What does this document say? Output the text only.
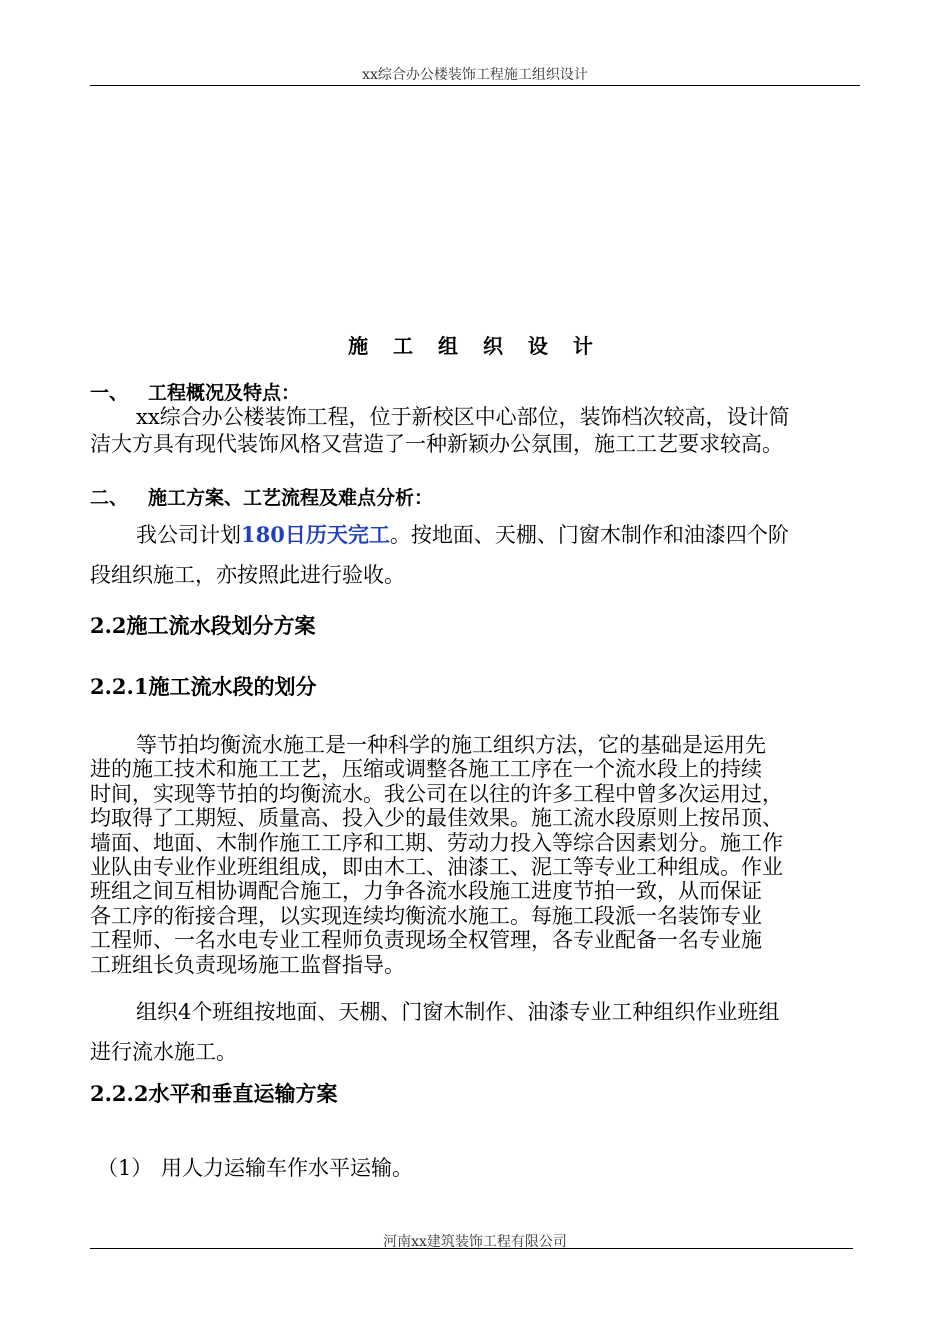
xx综合办公楼装饰工程施工组织设计
施 工 组 织 设 计
一、 工程概况及特点：
xx综合办公楼装饰工程，位于新校区中心部位，装饰档次较高，设计简
洁大方具有现代装饰风格又营造了一种新颖办公氛围，施工工艺要求较高。
二、 施工方案、工艺流程及难点分析：
我公司计划180日历天完工。按地面、天棚、门窗木制作和油漆四个阶
段组织施工，亦按照此进行验收。
2.2施工流水段划分方案
2.2.1施工流水段的划分
等节拍均衡流水施工是一种科学的施工组织方法，它的基础是运用先
进的施工技术和施工工艺，压缩或调整各施工工序在一个流水段上的持续
时间，实现等节拍的均衡流水。我公司在以往的许多工程中曾多次运用过，
均取得了工期短、质量高、投入少的最佳效果。施工流水段原则上按吊顶、
墙面、地面、木制作施工工序和工期、劳动力投入等综合因素划分。施工作
业队由专业作业班组组成，即由木工、油漆工、泥工等专业工种组成。作业
班组之间互相协调配合施工，力争各流水段施工进度节拍一致，从而保证
各工序的衔接合理，以实现连续均衡流水施工。每施工段派一名装饰专业
工程师、一名水电专业工程师负责现场全权管理，各专业配备一名专业施
工班组长负责现场施工监督指导。
组织4个班组按地面、天棚、门窗木制作、油漆专业工种组织作业班组
进行流水施工。
2.2.2水平和垂直运输方案
（1） 用人力运输车作水平运输。
河南xx建筑装饰工程有限公司
